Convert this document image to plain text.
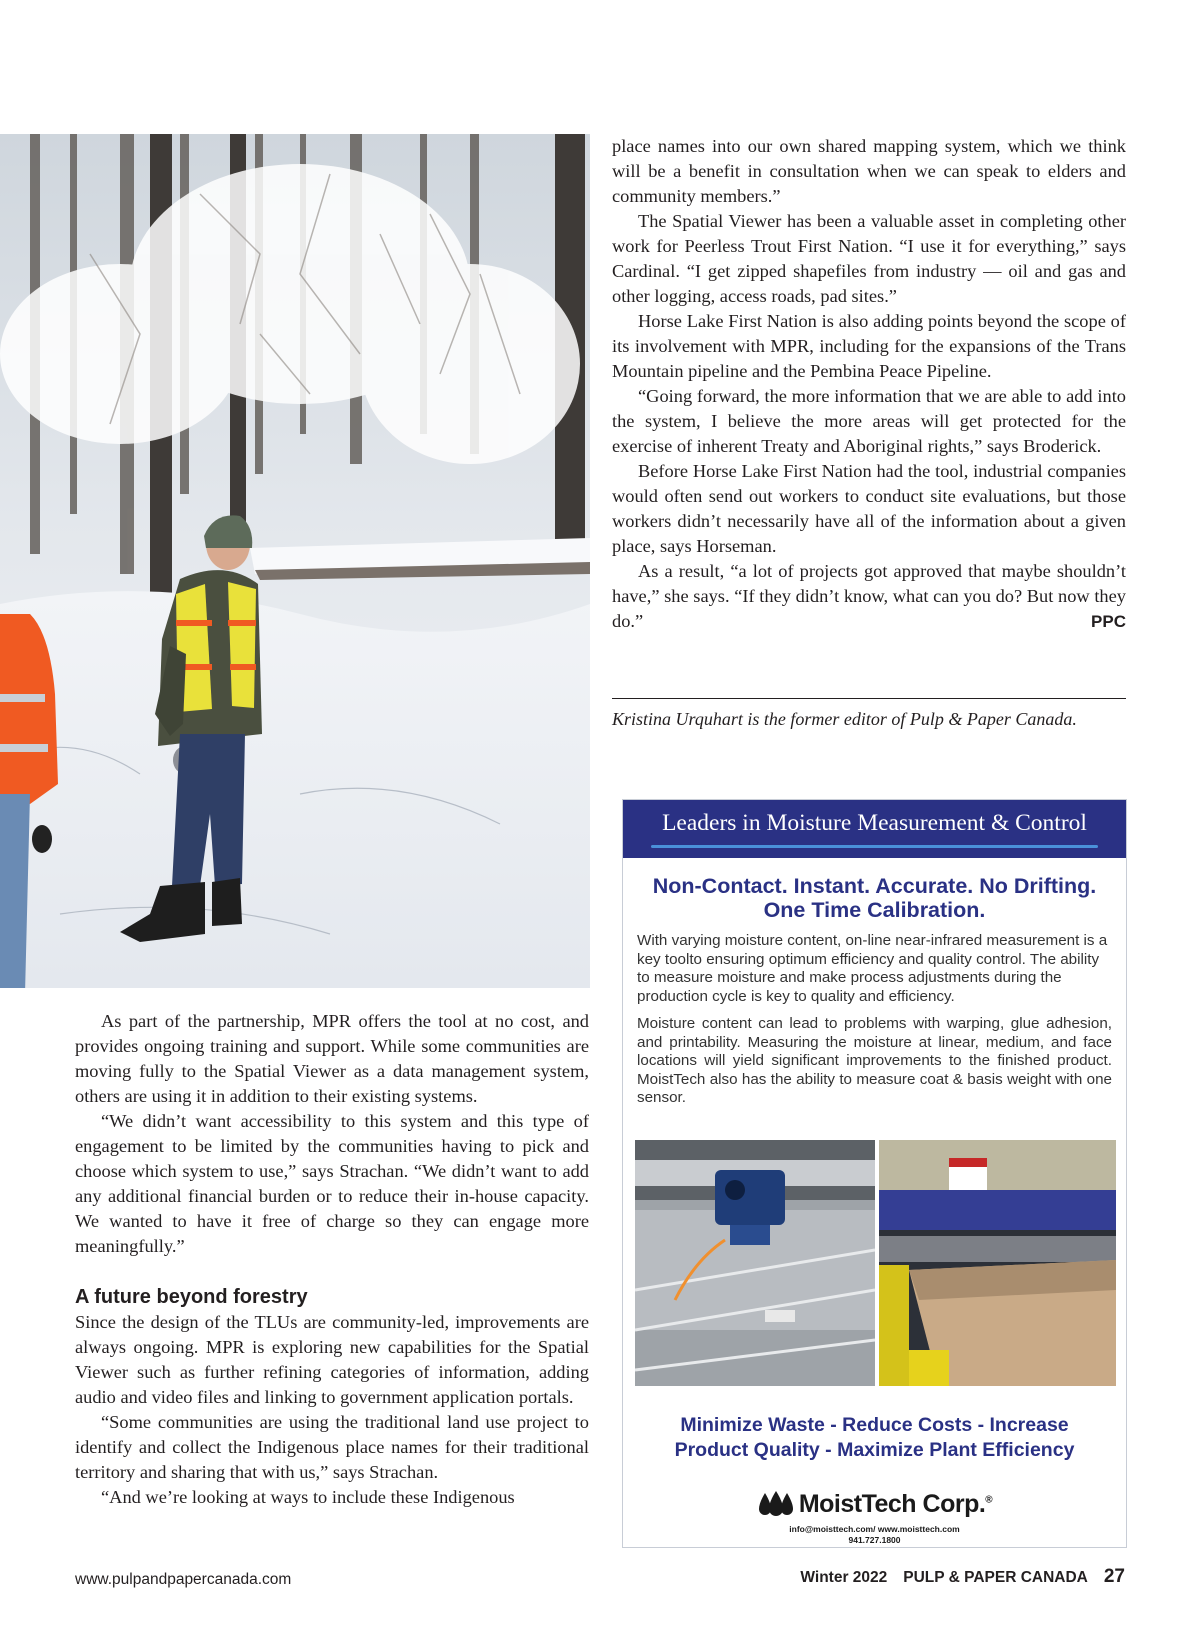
place names into our own shared mapping system, which we think will be a benefit in consultation when we can speak to elders and community members.”

The Spatial Viewer has been a valuable asset in completing other work for Peerless Trout First Nation. “I use it for everything,” says Cardinal. “I get zipped shapefiles from industry — oil and gas and other logging, access roads, pad sites.”

Horse Lake First Nation is also adding points beyond the scope of its involvement with MPR, including for the expansions of the Trans Mountain pipeline and the Pembina Peace Pipeline.

“Going forward, the more information that we are able to add into the system, I believe the more areas will get protected for the exercise of inherent Treaty and Aboriginal rights,” says Broderick.

Before Horse Lake First Nation had the tool, industrial companies would often send out workers to conduct site evaluations, but those workers didn’t necessarily have all of the information about a given place, says Horseman.

As a result, “a lot of projects got approved that maybe shouldn’t have,” she says. “If they didn’t know, what can you do? But now they do.”	PPC

Kristina Urquhart is the former editor of Pulp & Paper Canada.

As part of the partnership, MPR offers the tool at no cost, and provides ongoing training and support. While some communities are moving fully to the Spatial Viewer as a data management system, others are using it in addition to their existing systems.

“We didn’t want accessibility to this system and this type of engagement to be limited by the communities having to pick and choose which system to use,” says Strachan. “We didn’t want to add any additional financial burden or to reduce their in-house capacity. We wanted to have it free of charge so they can engage more meaningfully.”

A future beyond forestry

Since the design of the TLUs are community-led, improvements are always ongoing. MPR is exploring new capabilities for the Spatial Viewer such as further refining categories of information, adding audio and video files and linking to government application portals.

“Some communities are using the traditional land use project to identify and collect the Indigenous place names for their traditional territory and sharing that with us,” says Strachan.

“And we’re looking at ways to include these Indigenous

Leaders in Moisture Measurement & Control
Non-Contact. Instant. Accurate. No Drifting. One Time Calibration.

With varying moisture content, on-line near-infrared measurement is a key toolto ensuring optimum efficiency and quality control. The ability to measure moisture and make process adjustments during the production cycle is key to quality and efficiency.

Moisture content can lead to problems with warping, glue adhesion, and printability. Measuring the moisture at linear, medium, and face locations will yield significant improvements to the finished product. MoistTech also has the ability to measure coat & basis weight with one sensor.

Minimize Waste - Reduce Costs - Increase
Product Quality - Maximize Plant Efficiency
MoistTech Corp.®
info@moisttech.com/ www.moisttech.com
941.727.1800
www.pulpandpapercanada.com	Winter 2022 PULP & PAPER CANADA 27
